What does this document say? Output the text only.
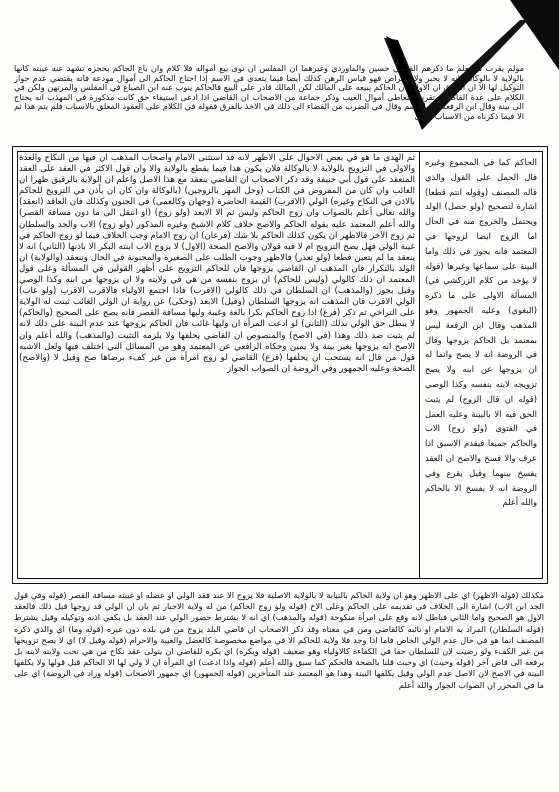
مولم يقرب ثم نعلم ما ذكرهم القاضي حسين والماوردي وغيرهما ان المفلس ان نوى بيع أمواله فلا كلام وان باع الحاكم بحجزه تشهد عنه غيبته كانها بالولاية لا بالوكالة لانه لا يجبر ولا اعتراض فهو قياس الرهن كذلك أيضا فيما يتعدى في الاسم إذا احتاج الحاكم الى أموال مودعة فانه يقتضي عدم جواز التوكيل لها الا ان الفارق ان الاولى ان الحاكم يبيعه على المالك لكن المالك قادر على البيع فالحاكم ينوب عنه ابن الصباغ في المفلس والمرتهن ولكن في الكلام على عدة القاضي وتقرير التعاطي أموال الغيب وذكر جماعة من الاصحاب ان القاضي اذا ادعى استيفاء حق كانت مذكورة في المهذب انه يحتاج الى بينة وقال ابن الرفعة في القسم وقال في الضرب من القضاء الى ذلك في الاخذ بالفرق فقوله في الكلام على العقود المعلق بالاسباب فلم يتم هذا ثم الا فيما ذكرناه من الاسباب انتهى
ثم الهدي ما هو في بعض الاحوال على الاظهر لانه قد استثنى الامام وأصحاب المذهب ان فيها من النكاح والعدة والاولى في التزويج بالولاية لا بالوكالة فلان يكون هذا فيما يقطع بالولاية والا وان قول الاكثر في العقد على العقد المنعقد على قول أبي حنيفة وقد ذكر الاصحاب ان القاضي ينعقد مع هذا الاصل واعلم ان الولاية بالرقيق ظهرا ان الغائب وان كان من المفروض في الكتاب (وحل المهر بالزوجين) (بالوكالة وان كان ان يأذن في التزويج للحاكم بالاذن في النكاح وغيره) الولي (الاقرب) القيمة الحاضرة (وجهان وكالعمى) في الجنون وكذلك فان العاقد (انعقد) والله تعالى أعلم بالصواب وان زوج الحاكم وليس ثم الا الابعد (ولو زوج) (او انتقل الى ما دون مسافة القصر) والله أعلم المعتمد عليه بقوله الحاكم والاصح خلاف كلام الاشيخ وغيره المذكور (ولو زوج) الاب والجد والسلطان ثم زوج الآخر فالاظهر ان يكون كذلك الحاكم بلا شك (فرعان) ان زوج الامام وجب الخلاف فيما لو زوج الحاكم في غيبة الولي فهل يصح التزويج ام لا فيه قولان والاصح الصحة (الاول) لا يزوج الاب ابنته البكر الا باذنها (الثاني) انه لا ينعقد ما لم يتعين قطعا (ولو تعذر) فالاظهر وجوب الطلب على الصغيرة والمجنونة في الحال وتنعقد (والولاية) ان الولد بالتكرار فان المذهب ان القاضي يزوجها فان للحاكم التزويج على أظهر القولين في المسألة وعلى قول المعتمد ان ذلك كالولي (وليس للحاكم) ان يزوج بنفسه من هي في ولايته ولا ان يزوجها من ابنه وكذا الوصي وقيل يجوز (والمذهب) ان السلطان في ذلك كالولي (الاقرب) فاذا اجتمع الاولياء فالاقرب الاقرب (ولو غاب) الولي الاقرب فان المذهب انه يزوجها السلطان (وقيل) الابعد (وحكى) عن رواية ان الولي الغائب ثبتت له الولاية على التراخي ثم ذكر (فرع) اذا زوج الحاكم بكرا بالغة وغيبة وليها مسافة القصر فانه يصح على الصحيح (والحاكم) لا يبطل حق الولي بذلك (الثاني) لو ادعت المرأة ان وليها غائب فان الحاكم يزوجها عند عدم البينة على ذلك لانه لم يثبت ضد ذلك وهذا (في الاصح) والمنصوص ان القاضي يحلفها ولا يلزمه التثبت (والمذهب) والله أعلم وان الاصح انه يزوجها بغير بينة ولا يمين وحكاه الرافعي عن المعتمد وهو من المسائل التي اختلف فيها ولعل الاشبه قول من قال انه يستحب ان يحلفها (فرع) القاضي لو زوج امرأة من غير كفء برضاها صح وقيل لا (والاصح) الصحة وعليه الجمهور وفي الروضة ان الصواب الجواز
الحاكم كما في المجموع وغيره قال الحمل على القول والذي قاله المصنف (وقوله انتم قطعا) اشارة لتصحيح (ولو حصل) الولد ويحتمل والخروج منه في الحال اما الزوج ايضا لزوجها في المعتمد فانه يجوز في ذلك واما البينة على سماعها وغيرها (قوله لا يؤخذ من كلام الزركشي في) المسألة الاولى على ما ذكره (البغوي) وعليه الجمهور وهو المذهب وقال ابن الرفعة ليس بمعتمد بل الحاكم يزوجها وقال في الروضة انه لا يصح وانما له ان يزوجها عن ابنه ولا يصح تزويجه لابنه بنفسه وكذا الوصي (قوله ان قال الزوج) لم يثبت الحق فيه الا بالبينة وعليه العمل في الفتوى (ولو زوج) الاب والحاكم جميعا فيقدم الاسبق اذا عرف والا فسخ والاصح ان العقد يفسخ بينهما وقيل يقرع وفي الروضة انه لا يفسخ الا بالحاكم والله أعلم
مكذلك (قوله الاظهر) اي على الاظهر وهو ان ولاية الحاكم بالنيابة لا بالولاية الاصلية فلا يزوج الا عند فقد الولي او عضله او غيبته مسافة القصر (قوله وفي قول الجد ابن الاب) اشارة الى الخلاف في تقديمه على الحاكم وعلى الاخ (قوله ولو زوج الحاكم) من له ولاية الاجبار ثم بان ان الولي قد زوجها قبل ذلك فالعقد الاول هو الصحيح واما الثاني فباطل لانه وقع على امرأة منكوحة (قوله والمذهب) اي انه لا يشترط حضور الولي عند العقد بل يكفي اذنه وتوكيله وقيل يشترط (قوله السلطان) المراد به الامام او نائبه كالقاضي ومن في معناه وقد ذكر الاصحاب ان قاضي البلد يزوج من في بلده دون غيره (قوله وما) اي والذي ذكره المصنف انما هو في حال عدم الولي الخاص فاما اذا وجد فلا ولاية للحاكم الا في مواضع مخصوصة كالعضل والغيبة والاحرام (قوله وقيل لا) اي لا يصح تزويجها من غير الكفء ولو رضيت لان للسلطان حقا في الكفاءة كالاولياء وهو ضعيف (قوله ويكره) اي يكره للقاضي ان يتولى عقد نكاح من هي تحت ولايته لابنه بل يرفعه الى قاض آخر (قوله وحيث) اي وحيث قلنا بالصحة فالحكم كما سبق والله أعلم (قوله واذا ادعت) اي المرأة ان لا ولي لها الا الحاكم قبل قولها ولا يكلفها البينة في الاصح لان الاصل عدم الولي وقيل يكلفها البينة وهذا هو المعتمد عند المتأخرين (قوله الجمهور) اي جمهور الاصحاب (قوله وزاد في الروضة) اي على ما في المحرر ان الصواب الجواز والله أعلم
